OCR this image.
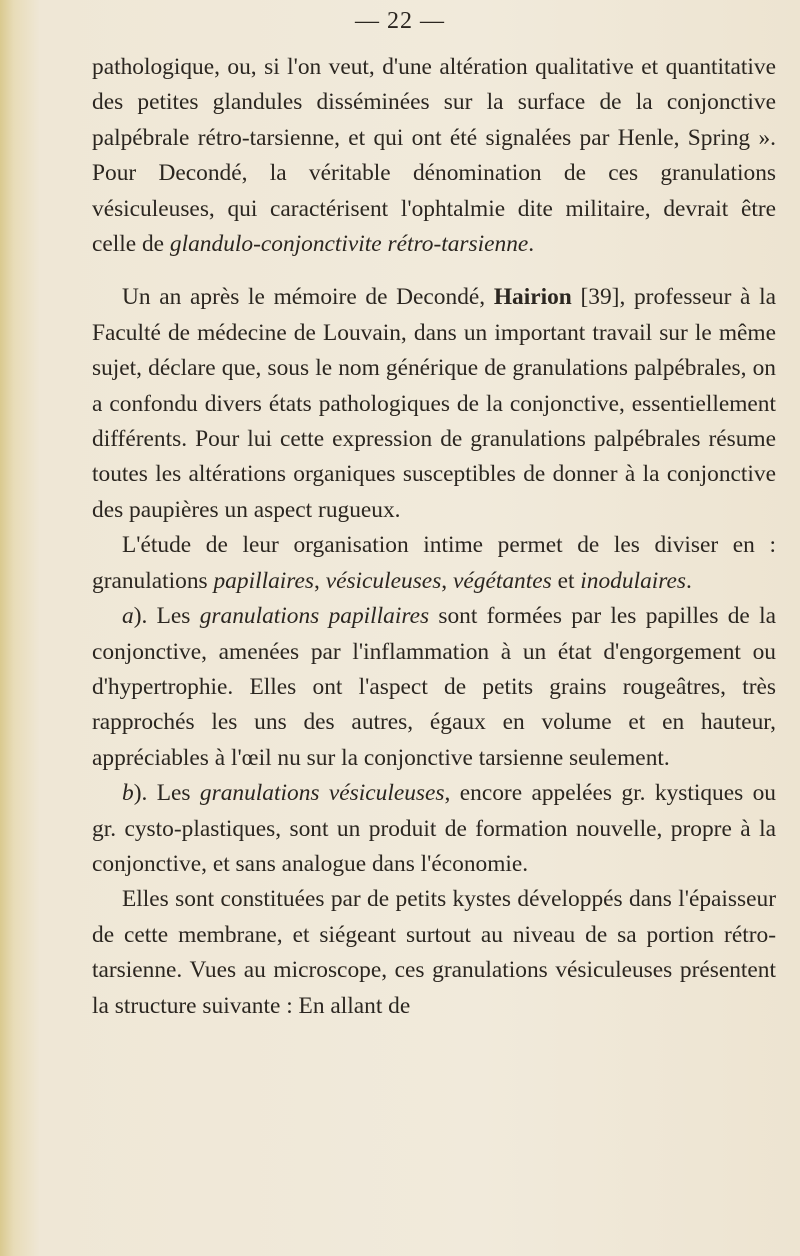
— 22 —

pathologique, ou, si l'on veut, d'une altération qualitative et quantitative des petites glandules disséminées sur la surface de la conjonctive palpébrale rétro-tarsienne, et qui ont été signalées par Henle, Spring ». Pour Decondé, la véritable dénomination de ces granulations vésiculeuses, qui caractérisent l'ophtalmie dite militaire, devrait être celle de glandulo-conjonctivite rétro-tarsienne.

Un an après le mémoire de Decondé, Hairion [39], professeur à la Faculté de médecine de Louvain, dans un important travail sur le même sujet, déclare que, sous le nom générique de granulations palpébrales, on a confondu divers états pathologiques de la conjonctive, essentiellement différents. Pour lui cette expression de granulations palpébrales résume toutes les altérations organiques susceptibles de donner à la conjonctive des paupières un aspect rugueux.

L'étude de leur organisation intime permet de les diviser en : granulations papillaires, vésiculeuses, végétantes et inodulaires.

a). Les granulations papillaires sont formées par les papilles de la conjonctive, amenées par l'inflammation à un état d'engorgement ou d'hypertrophie. Elles ont l'aspect de petits grains rougeâtres, très rapprochés les uns des autres, égaux en volume et en hauteur, appréciables à l'œil nu sur la conjonctive tarsienne seulement.

b). Les granulations vésiculeuses, encore appelées gr. kystiques ou gr. cysto-plastiques, sont un produit de formation nouvelle, propre à la conjonctive, et sans analogue dans l'économie.

Elles sont constituées par de petits kystes développés dans l'épaisseur de cette membrane, et siégeant surtout au niveau de sa portion rétro-tarsienne. Vues au microscope, ces granulations vésiculeuses présentent la structure suivante : En allant de
